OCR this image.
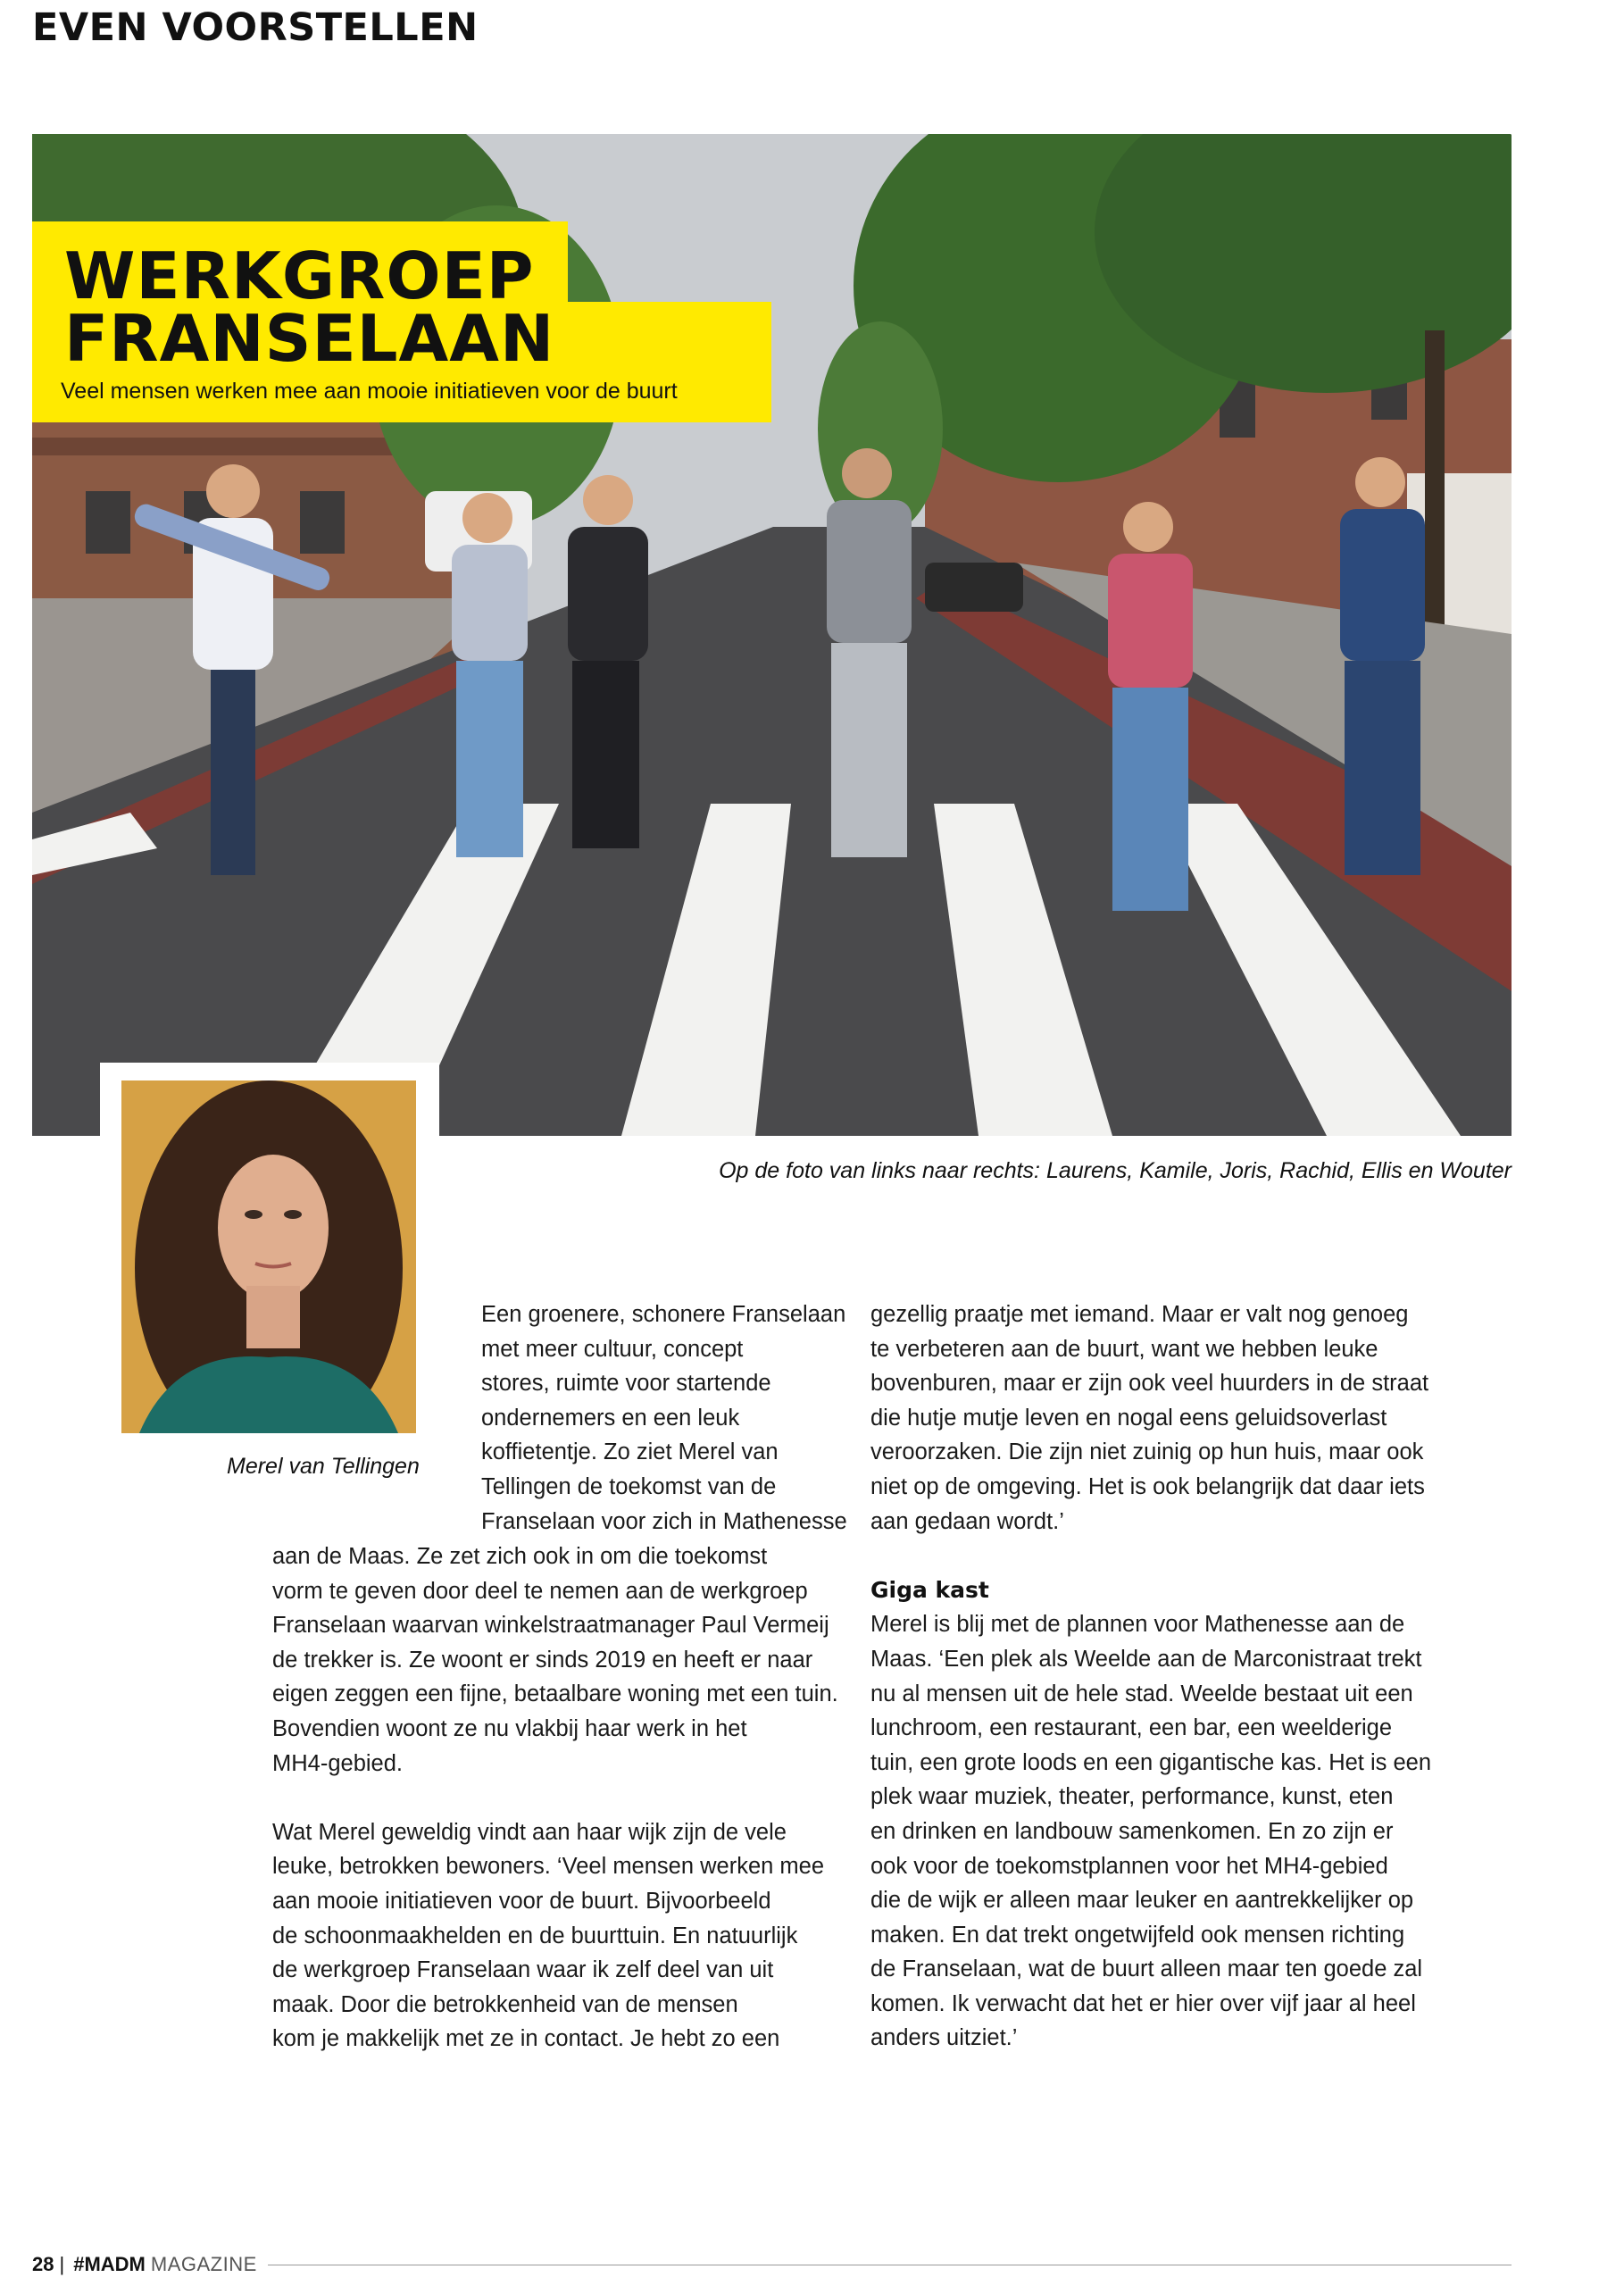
EVEN VOORSTELLEN
WERKGROEP
FRANSELAAN
Veel mensen werken mee aan mooie initiatieven voor de buurt
Op de foto van links naar rechts: Laurens, Kamile, Joris, Rachid, Ellis en Wouter
Merel van Tellingen
Een groenere, schonere Franselaan
met meer cultuur, concept
stores, ruimte voor startende
ondernemers en een leuk
koffietentje. Zo ziet Merel van
Tellingen de toekomst van de
Franselaan voor zich in Mathenesse
aan de Maas. Ze zet zich ook in om die toekomst
vorm te geven door deel te nemen aan de werkgroep
Franselaan waarvan winkelstraatmanager Paul Vermeij
de trekker is. Ze woont er sinds 2019 en heeft er naar
eigen zeggen een fijne, betaalbare woning met een tuin.
Bovendien woont ze nu vlakbij haar werk in het
MH4-gebied.
Wat Merel geweldig vindt aan haar wijk zijn de vele
leuke, betrokken bewoners. ‘Veel mensen werken mee
aan mooie initiatieven voor de buurt. Bijvoorbeeld
de schoonmaakhelden en de buurttuin. En natuurlijk
de werkgroep Franselaan waar ik zelf deel van uit
maak. Door die betrokkenheid van de mensen
kom je makkelijk met ze in contact. Je hebt zo een
gezellig praatje met iemand. Maar er valt nog genoeg
te verbeteren aan de buurt, want we hebben leuke
bovenburen, maar er zijn ook veel huurders in de straat
die hutje mutje leven en nogal eens geluidsoverlast
veroorzaken. Die zijn niet zuinig op hun huis, maar ook
niet op de omgeving. Het is ook belangrijk dat daar iets
aan gedaan wordt.’
Giga kast
Merel is blij met de plannen voor Mathenesse aan de
Maas. ‘Een plek als Weelde aan de Marconistraat trekt
nu al mensen uit de hele stad. Weelde bestaat uit een
lunchroom, een restaurant, een bar, een weelderige
tuin, een grote loods en een gigantische kas. Het is een
plek waar muziek, theater, performance, kunst, eten
en drinken en landbouw samenkomen. En zo zijn er
ook voor de toekomstplannen voor het MH4-gebied
die de wijk er alleen maar leuker en aantrekkelijker op
maken. En dat trekt ongetwijfeld ook mensen richting
de Franselaan, wat de buurt alleen maar ten goede zal
komen. Ik verwacht dat het er hier over vijf jaar al heel
anders uitziet.’
28 | #MADM MAGAZINE
